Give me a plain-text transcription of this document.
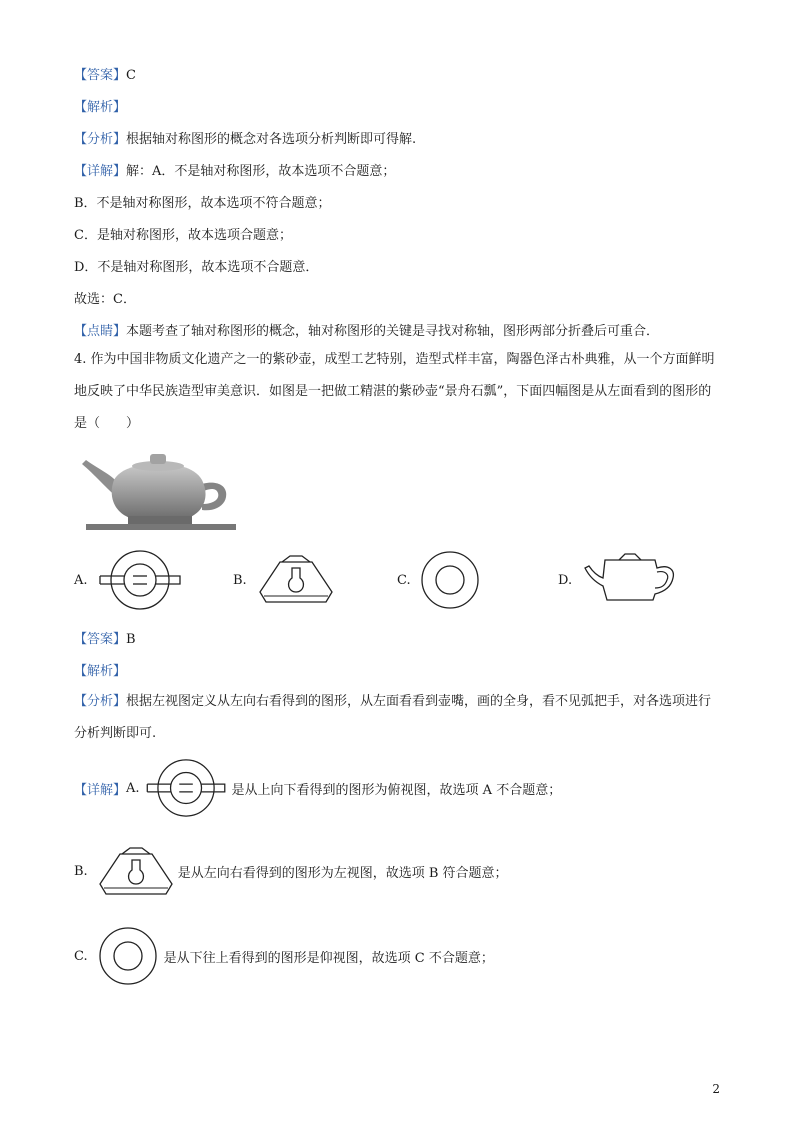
【答案】C
【解析】
【分析】根据轴对称图形的概念对各选项分析判断即可得解.
【详解】解：A．不是轴对称图形，故本选项不合题意；
B．不是轴对称图形，故本选项不符合题意；
C．是轴对称图形，故本选项合题意；
D．不是轴对称图形，故本选项不合题意．
故选：C．
【点睛】本题考查了轴对称图形的概念，轴对称图形的关键是寻找对称轴，图形两部分折叠后可重合．
4. 作为中国非物质文化遗产之一的紫砂壶，成型工艺特别，造型式样丰富，陶器色泽古朴典雅，从一个方面鲜明地反映了中华民族造型审美意识．如图是一把做工精湛的紫砂壶“景舟石瓢”，下面四幅图是从左面看到的图形的是（　　）
A.	B.	C.	D.
【答案】B
【解析】
【分析】根据左视图定义从左向右看得到的图形，从左面看看到壶嘴，画的全身，看不见弧把手，对各选项进行分析判断即可.
【详解】 A.	是从上向下看得到的图形为俯视图，故选项 A 不合题意；
B.	是从左向右看得到的图形为左视图，故选项 B 符合题意；
C.	是从下往上看得到的图形是仰视图，故选项 C 不合题意；
2
